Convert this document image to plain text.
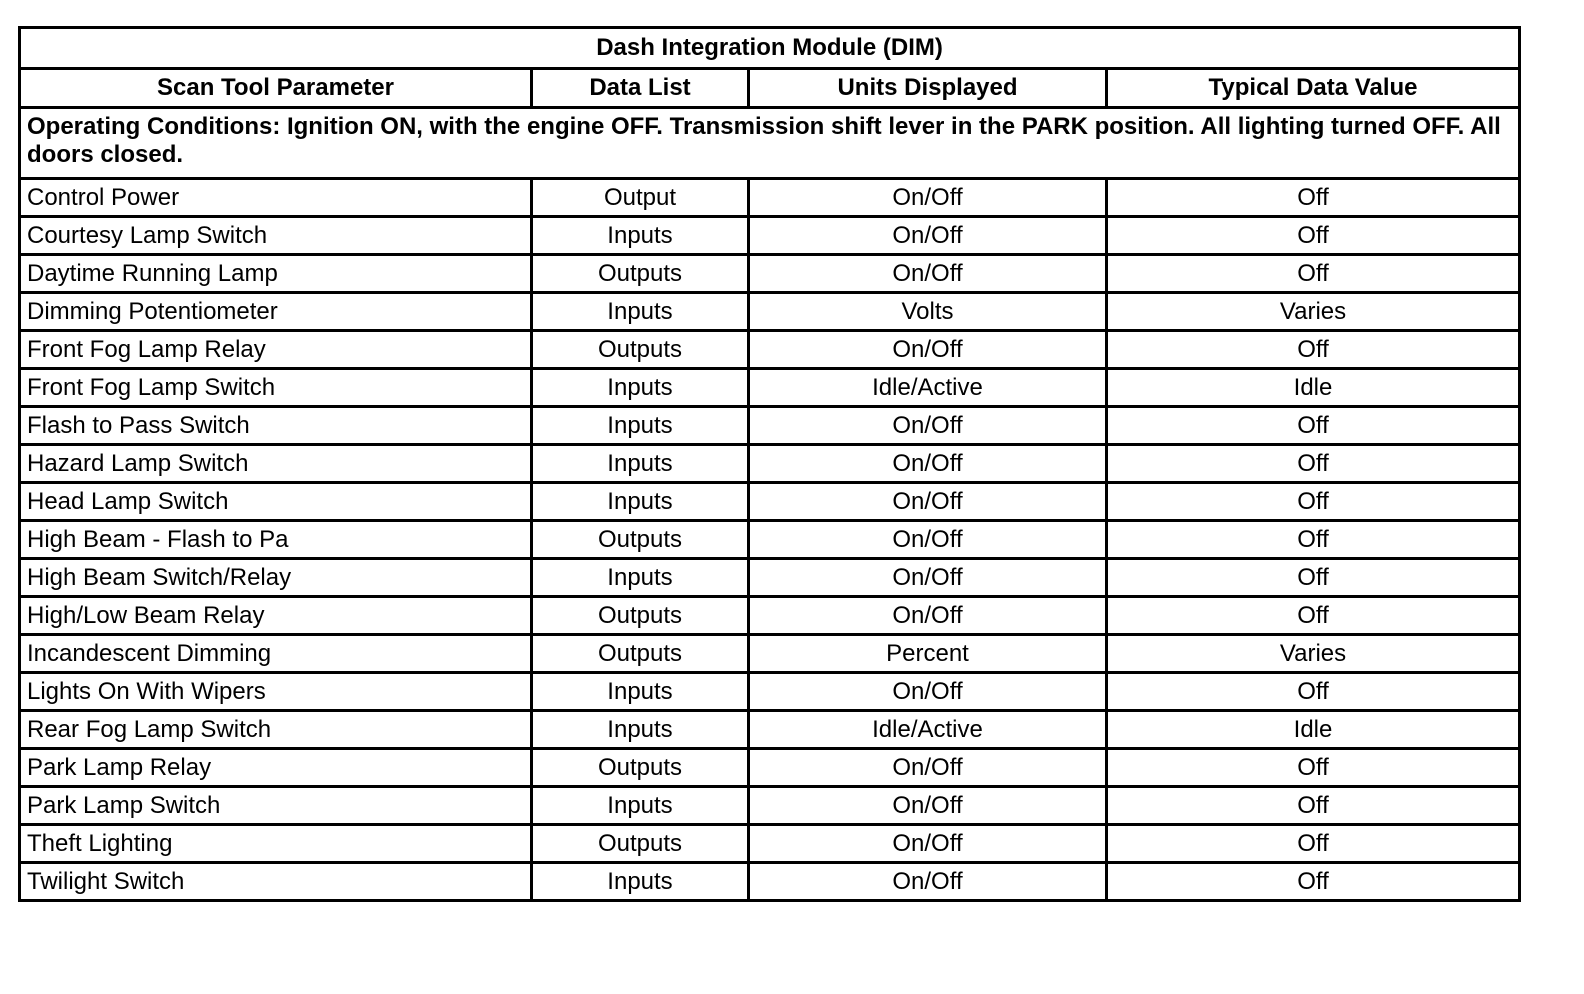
Dash Integration Module (DIM)			
Scan Tool Parameter	Data List	Units Displayed	Typical Data Value
Operating Conditions: Ignition ON, with the engine OFF. Transmission shift lever in the PARK position. All lighting turned OFF. All doors closed.			
Control Power	Output	On/Off	Off
Courtesy Lamp Switch	Inputs	On/Off	Off
Daytime Running Lamp	Outputs	On/Off	Off
Dimming Potentiometer	Inputs	Volts	Varies
Front Fog Lamp Relay	Outputs	On/Off	Off
Front Fog Lamp Switch	Inputs	Idle/Active	Idle
Flash to Pass Switch	Inputs	On/Off	Off
Hazard Lamp Switch	Inputs	On/Off	Off
Head Lamp Switch	Inputs	On/Off	Off
High Beam - Flash to Pa	Outputs	On/Off	Off
High Beam Switch/Relay	Inputs	On/Off	Off
High/Low Beam Relay	Outputs	On/Off	Off
Incandescent Dimming	Outputs	Percent	Varies
Lights On With Wipers	Inputs	On/Off	Off
Rear Fog Lamp Switch	Inputs	Idle/Active	Idle
Park Lamp Relay	Outputs	On/Off	Off
Park Lamp Switch	Inputs	On/Off	Off
Theft Lighting	Outputs	On/Off	Off
Twilight Switch	Inputs	On/Off	Off
